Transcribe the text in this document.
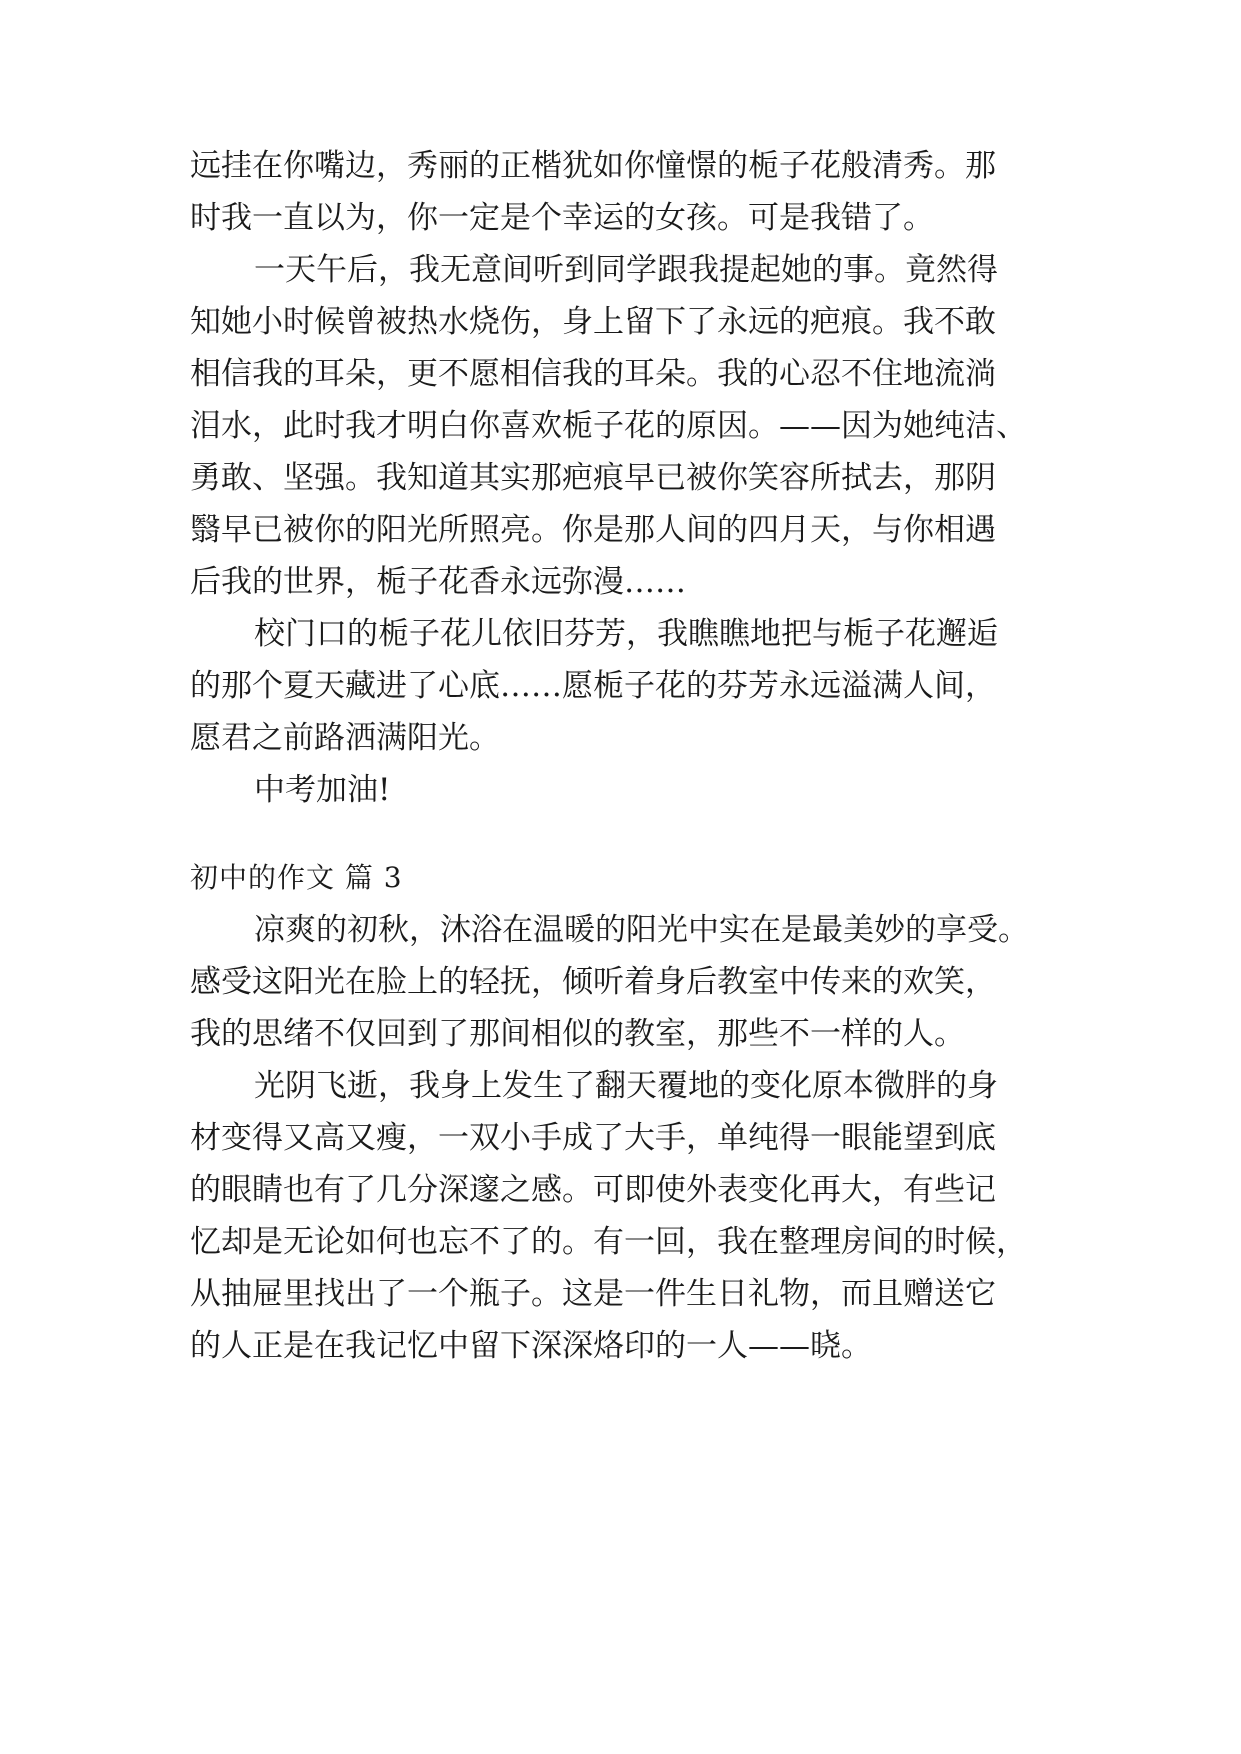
远挂在你嘴边，秀丽的正楷犹如你憧憬的栀子花般清秀。那
时我一直以为，你一定是个幸运的女孩。可是我错了。
一天午后，我无意间听到同学跟我提起她的事。竟然得
知她小时候曾被热水烧伤，身上留下了永远的疤痕。我不敢
相信我的耳朵，更不愿相信我的耳朵。我的心忍不住地流淌
泪水，此时我才明白你喜欢栀子花的原因。——因为她纯洁、
勇敢、坚强。我知道其实那疤痕早已被你笑容所拭去，那阴
翳早已被你的阳光所照亮。你是那人间的四月天，与你相遇
后我的世界，栀子花香永远弥漫……
校门口的栀子花儿依旧芬芳，我瞧瞧地把与栀子花邂逅
的那个夏天藏进了心底……愿栀子花的芬芳永远溢满人间，
愿君之前路洒满阳光。
中考加油!
初中的作文 篇 3
凉爽的初秋，沐浴在温暖的阳光中实在是最美妙的享受。
感受这阳光在脸上的轻抚，倾听着身后教室中传来的欢笑，
我的思绪不仅回到了那间相似的教室，那些不一样的人。
光阴飞逝，我身上发生了翻天覆地的变化原本微胖的身
材变得又高又瘦，一双小手成了大手，单纯得一眼能望到底
的眼睛也有了几分深邃之感。可即使外表变化再大，有些记
忆却是无论如何也忘不了的。有一回，我在整理房间的时候，
从抽屉里找出了一个瓶子。这是一件生日礼物，而且赠送它
的人正是在我记忆中留下深深烙印的一人——晓。
